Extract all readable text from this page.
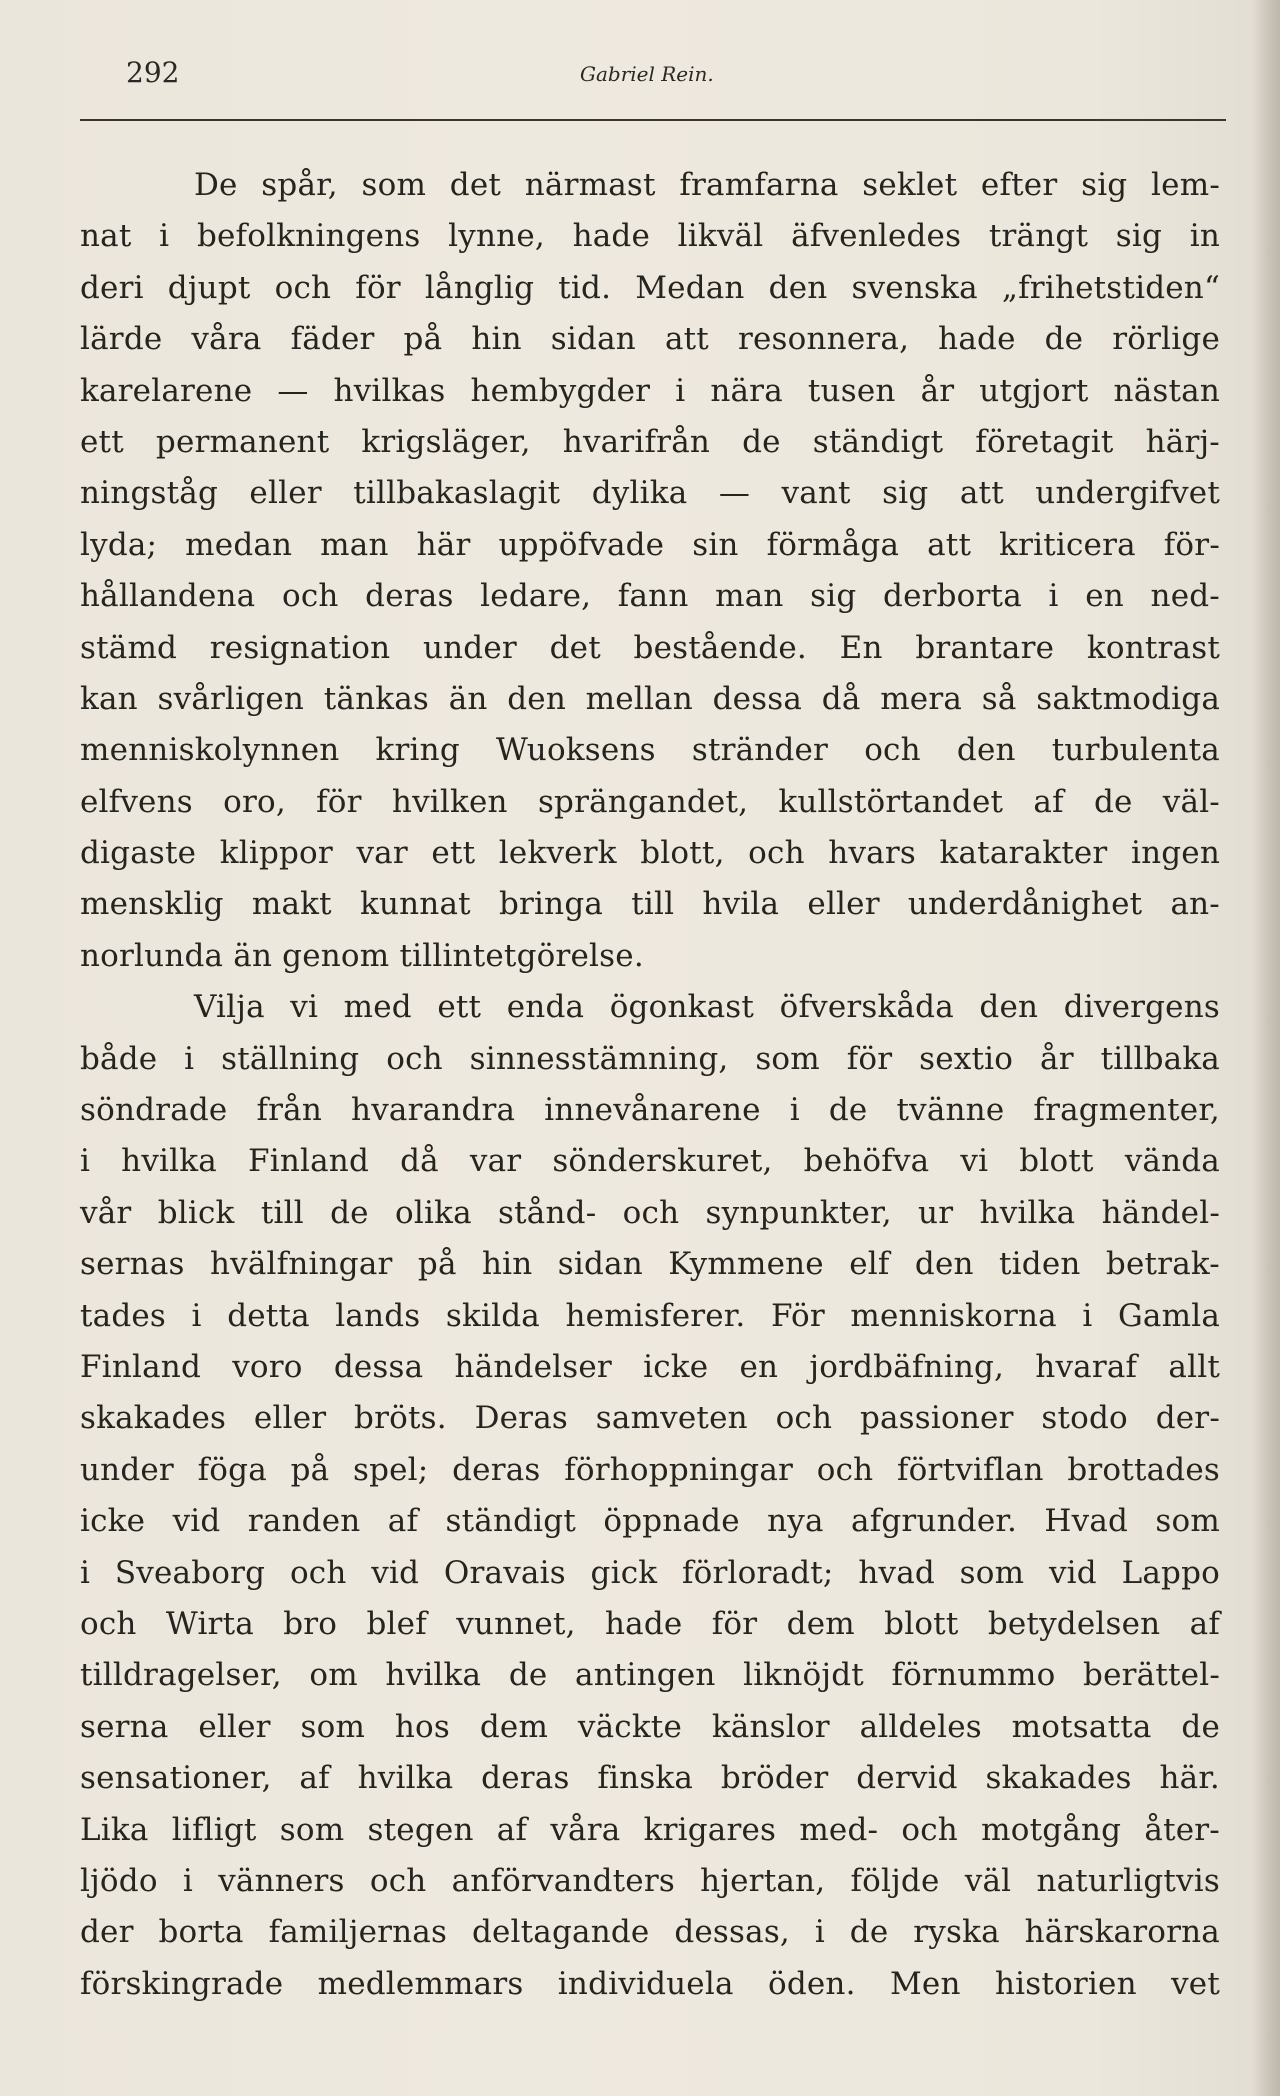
292	Gabriel Rein.

De spår, som det närmast framfarna seklet efter sig lem-
nat i befolkningens lynne, hade likväl äfvenledes trängt sig in
deri djupt och för långlig tid. Medan den svenska „frihetstiden“
lärde våra fäder på hin sidan att resonnera, hade de rörlige
karelarene — hvilkas hembygder i nära tusen år utgjort nästan
ett permanent krigsläger, hvarifrån de ständigt företagit härj-
ningståg eller tillbakaslagit dylika — vant sig att undergifvet
lyda; medan man här uppöfvade sin förmåga att kriticera för-
hållandena och deras ledare, fann man sig derborta i en ned-
stämd resignation under det bestående. En brantare kontrast
kan svårligen tänkas än den mellan dessa då mera så saktmodiga
menniskolynnen kring Wuoksens stränder och den turbulenta
elfvens oro, för hvilken sprängandet, kullstörtandet af de väl-
digaste klippor var ett lekverk blott, och hvars katarakter ingen
mensklig makt kunnat bringa till hvila eller underdånighet an-
norlunda än genom tillintetgörelse.

Vilja vi med ett enda ögonkast öfverskåda den divergens
både i ställning och sinnesstämning, som för sextio år tillbaka
söndrade från hvarandra innevånarene i de tvänne fragmenter,
i hvilka Finland då var sönderskuret, behöfva vi blott vända
vår blick till de olika stånd- och synpunkter, ur hvilka händel-
sernas hvälfningar på hin sidan Kymmene elf den tiden betrak-
tades i detta lands skilda hemisferer. För menniskorna i Gamla
Finland voro dessa händelser icke en jordbäfning, hvaraf allt
skakades eller bröts. Deras samveten och passioner stodo der-
under föga på spel; deras förhoppningar och förtviflan brottades
icke vid randen af ständigt öppnade nya afgrunder. Hvad som
i Sveaborg och vid Oravais gick förloradt; hvad som vid Lappo
och Wirta bro blef vunnet, hade för dem blott betydelsen af
tilldragelser, om hvilka de antingen liknöjdt förnummo berättel-
serna eller som hos dem väckte känslor alldeles motsatta de
sensationer, af hvilka deras finska bröder dervid skakades här.
Lika lifligt som stegen af våra krigares med- och motgång åter-
ljödo i vänners och anförvandters hjertan, följde väl naturligtvis
der borta familjernas deltagande dessas, i de ryska härskarorna
förskingrade medlemmars individuela öden. Men historien vet
